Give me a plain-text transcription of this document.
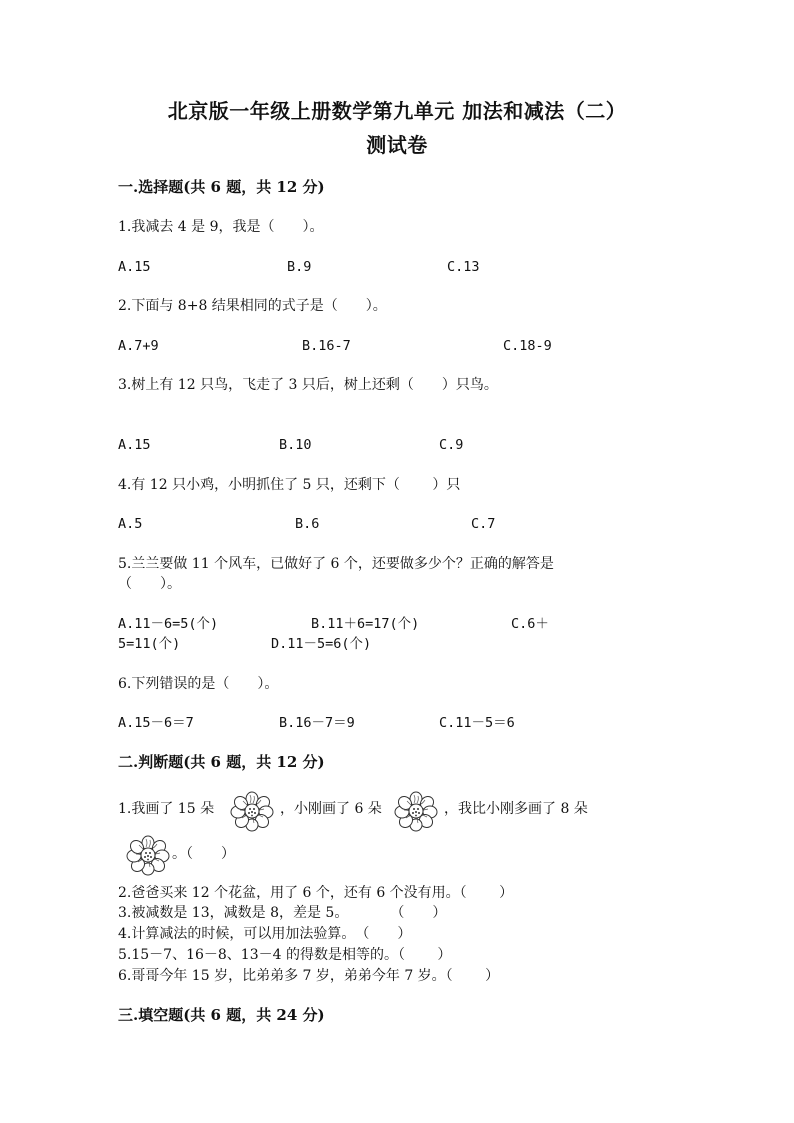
北京版一年级上册数学第九单元 加法和减法（二）
测试卷
一.选择题(共 6 题，共 12 分)
1.我减去 4 是 9，我是（　　）。
A.15	B.9	C.13
2.下面与 8+8 结果相同的式子是（　　）。
A.7+9	B.16-7	C.18-9
3.树上有 12 只鸟，飞走了 3 只后，树上还剩（　　）只鸟。
A.15	B.10	C.9
4.有 12 只小鸡，小明抓住了 5 只，还剩下（　　 ）只
A.5	B.6	C.7
5.兰兰要做 11 个风车，已做好了 6 个，还要做多少个？正确的解答是
（　　）。
A.11－6=5(个)	B.11＋6=17(个)	C.6＋
5=11(个)	D.11－5=6(个)
6.下列错误的是（　　）。
A.15－6＝7	B.16－7＝9	C.11－5＝6
二.判断题(共 6 题，共 12 分)
1.我画了 15 朵	，小刚画了 6 朵	，我比小刚多画了 8 朵
。（　　）
2.爸爸买来 12 个花盆，用了 6 个，还有 6 个没有用。（　　 ）
3.被减数是 13，减数是 8，差是 5。　　　　（　　）
4.计算减法的时候，可以用加法验算。　（　　）
5.15－7、16－8、13－4 的得数是相等的。（　　 ）
6.哥哥今年 15 岁，比弟弟多 7 岁，弟弟今年 7 岁。（　　 ）
三.填空题(共 6 题，共 24 分)
